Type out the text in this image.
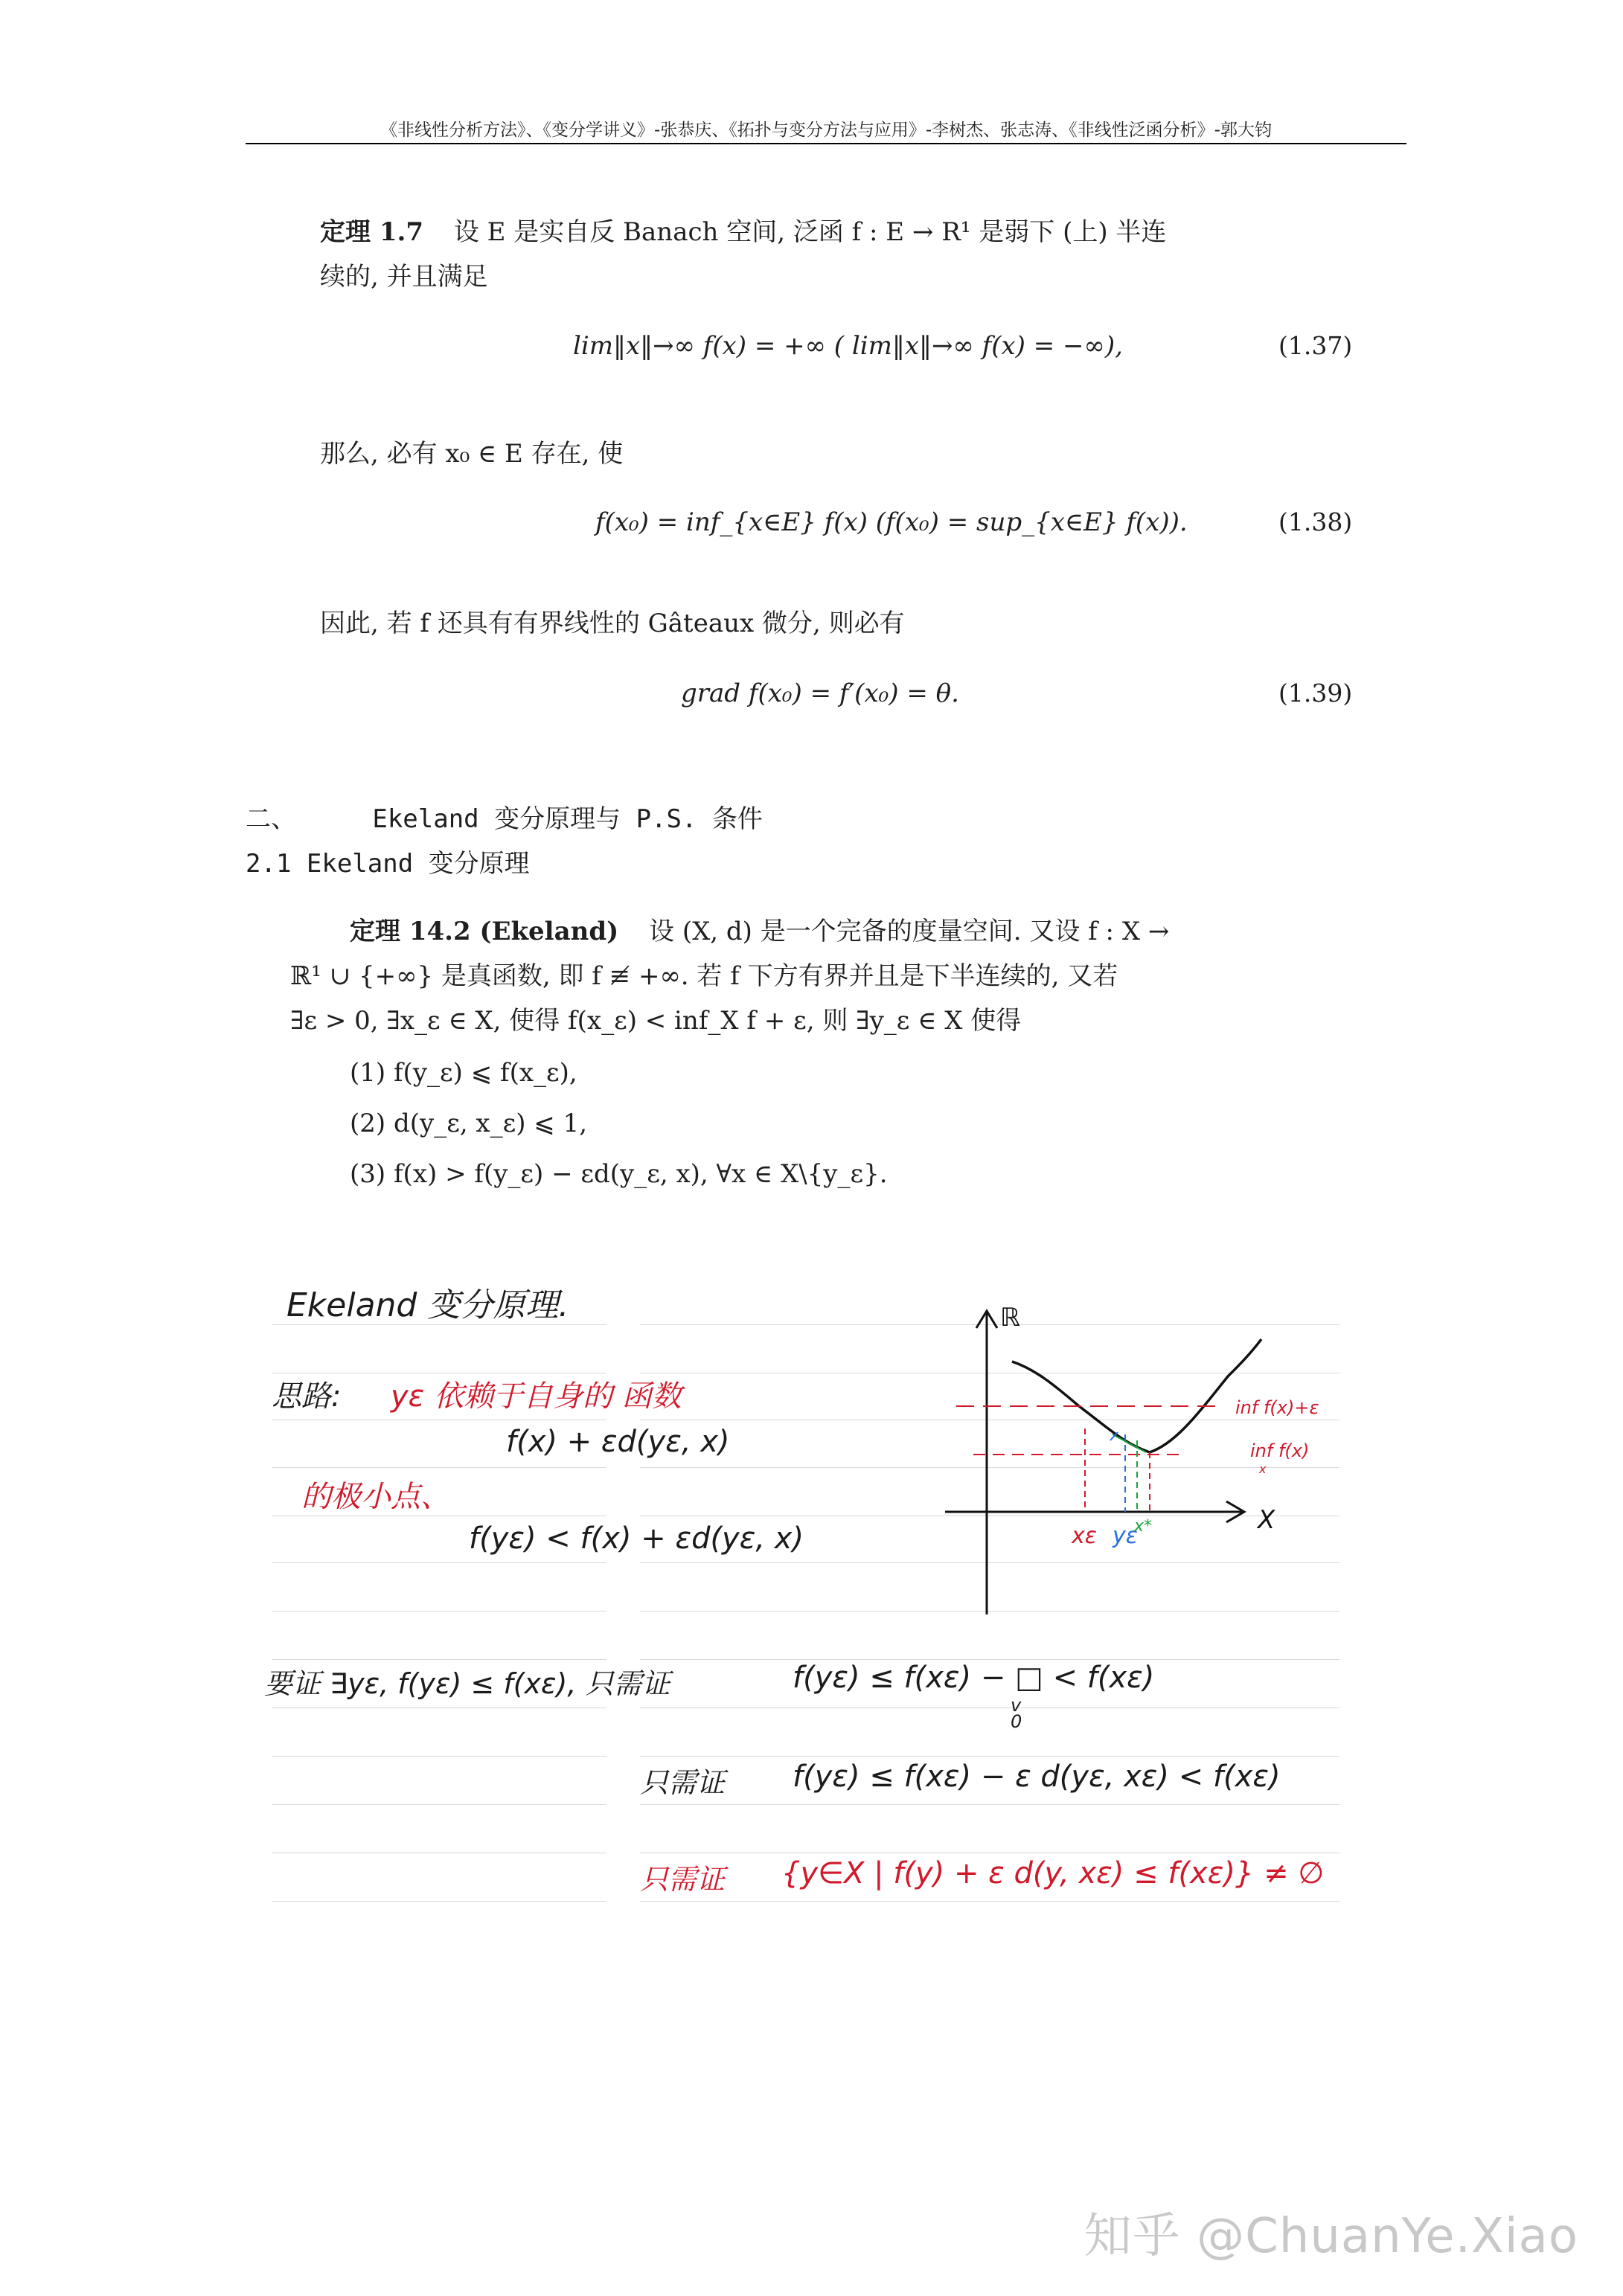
《非线性分析方法》、《变分学讲义》-张恭庆、《拓扑与变分方法与应用》-李树杰、张志涛、《非线性泛函分析》-郭大钧
定理 1.7 设 E 是实自反 Banach 空间, 泛函 f : E → R¹ 是弱下 (上) 半连
续的, 并且满足
lim‖x‖→∞ f(x) = +∞ ( lim‖x‖→∞ f(x) = −∞),	(1.37)
那么, 必有 x₀ ∈ E 存在, 使
f(x₀) = inf_{x∈E} f(x) (f(x₀) = sup_{x∈E} f(x)).	(1.38)
因此, 若 f 还具有有界线性的 Gâteaux 微分, 则必有
grad f(x₀) = f′(x₀) = θ.	(1.39)
二、     Ekeland 变分原理与 P.S. 条件
2.1 Ekeland 变分原理
定理 14.2 (Ekeland) 设 (X, d) 是一个完备的度量空间. 又设 f : X →
ℝ¹ ∪ {+∞} 是真函数, 即 f ≢ +∞. 若 f 下方有界并且是下半连续的, 又若
∃ε > 0, ∃x_ε ∈ X, 使得 f(x_ε) < inf_X f + ε, 则 ∃y_ε ∈ X 使得
(1) f(y_ε) ⩽ f(x_ε),
(2) d(y_ε, x_ε) ⩽ 1,
(3) f(x) > f(y_ε) − εd(y_ε, x), ∀x ∈ X\{y_ε}.
Ekeland 变分原理.
思路: yε 依赖于自身的 函数
f(x) + εd(yε, x)
的极小点、
f(yε) < f(x) + εd(yε, x)
要证 ∃yε, f(yε) ≤ f(xε), 只需证	f(yε) ≤ f(xε) − □ < f(xε)
v
0
只需证 f(yε) ≤ f(xε) − ε d(yε, xε) < f(xε)
只需证 {y∈X | f(y) + ε d(y, xε) ≤ f(xε)} ≠ ∅
ℝ
X
inf f(x)+ε
inf f(x)
x
xε yε
x*
知乎 @ChuanYe.Xiao
